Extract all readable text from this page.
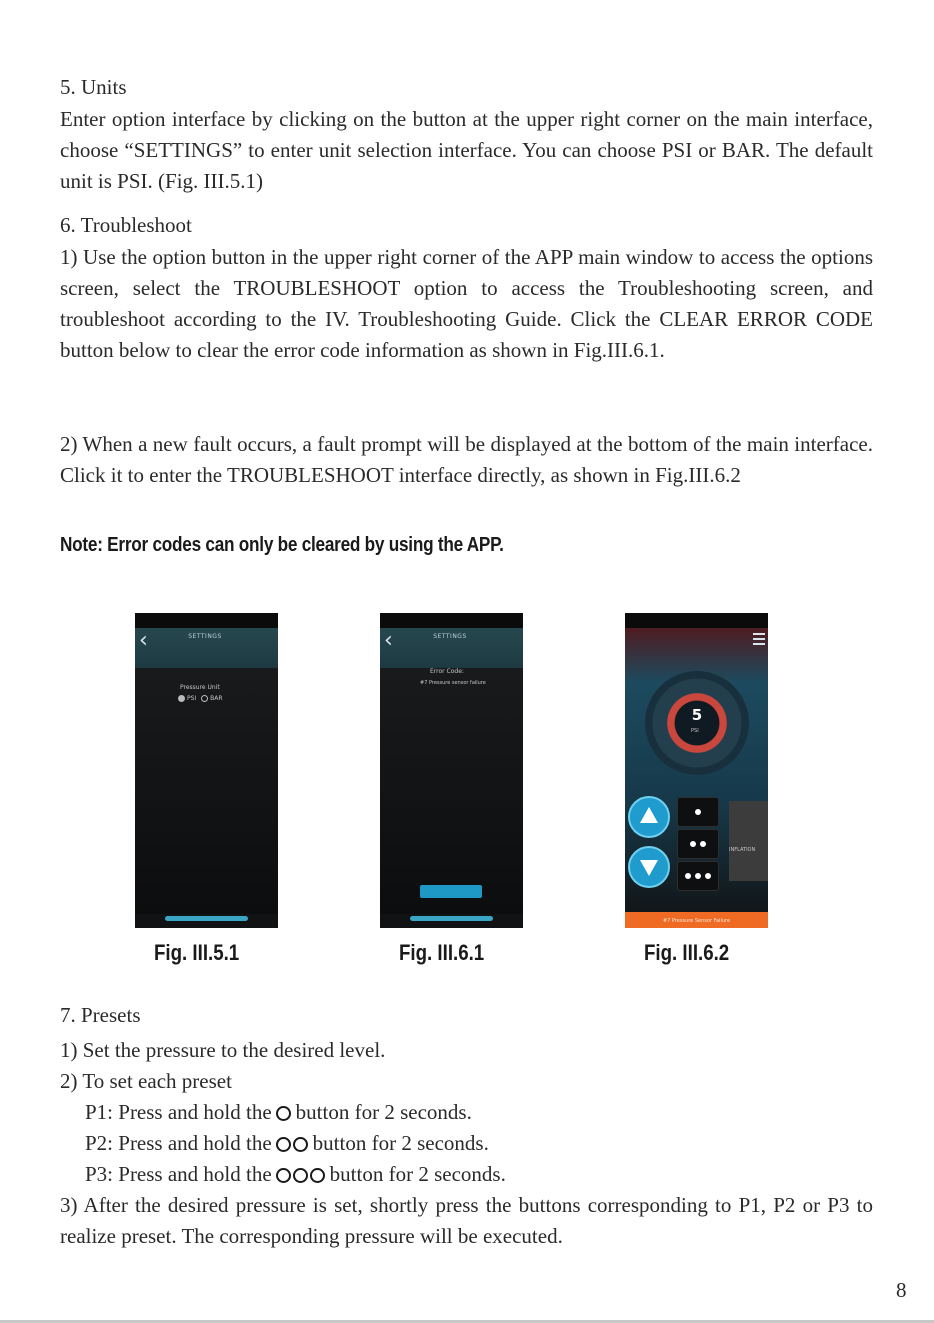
5. Units

Enter option interface by clicking on the button at the upper right corner on the main interface, choose “SETTINGS” to enter unit selection interface. You can choose PSI or BAR. The default unit is PSI. (Fig. III.5.1)

6. Troubleshoot

1) Use the option button in the upper right corner of the APP main window to access the options screen, select the TROUBLESHOOT option to access the Troubleshooting screen, and troubleshoot according to the IV. Troubleshooting Guide. Click the CLEAR ERROR CODE button below to clear the error code information as shown in Fig.III.6.1.

2) When a new fault occurs, a fault prompt will be displayed at the bottom of the main interface. Click it to enter the TROUBLESHOOT interface directly, as shown in Fig.III.6.2

Note: Error codes can only be cleared by using the APP.
‹	SETTINGS
Pressure Unit
PSI BAR
Fig. III.5.1
‹	SETTINGS
Error Code:
#7 Pressure sensor failure
Fig. III.6.1
5
PSI
INFLATION
#7 Pressure Sensor Failure
Fig. III.6.2

7. Presets

1) Set the pressure to the desired level.

2) To set each preset

P1: Press and hold the button for 2 seconds.

P2: Press and hold the button for 2 seconds.

P3: Press and hold the	button for 2 seconds.

3) After the desired pressure is set, shortly press the buttons corresponding to P1, P2 or P3 to realize preset. The corresponding pressure will be executed.

8
